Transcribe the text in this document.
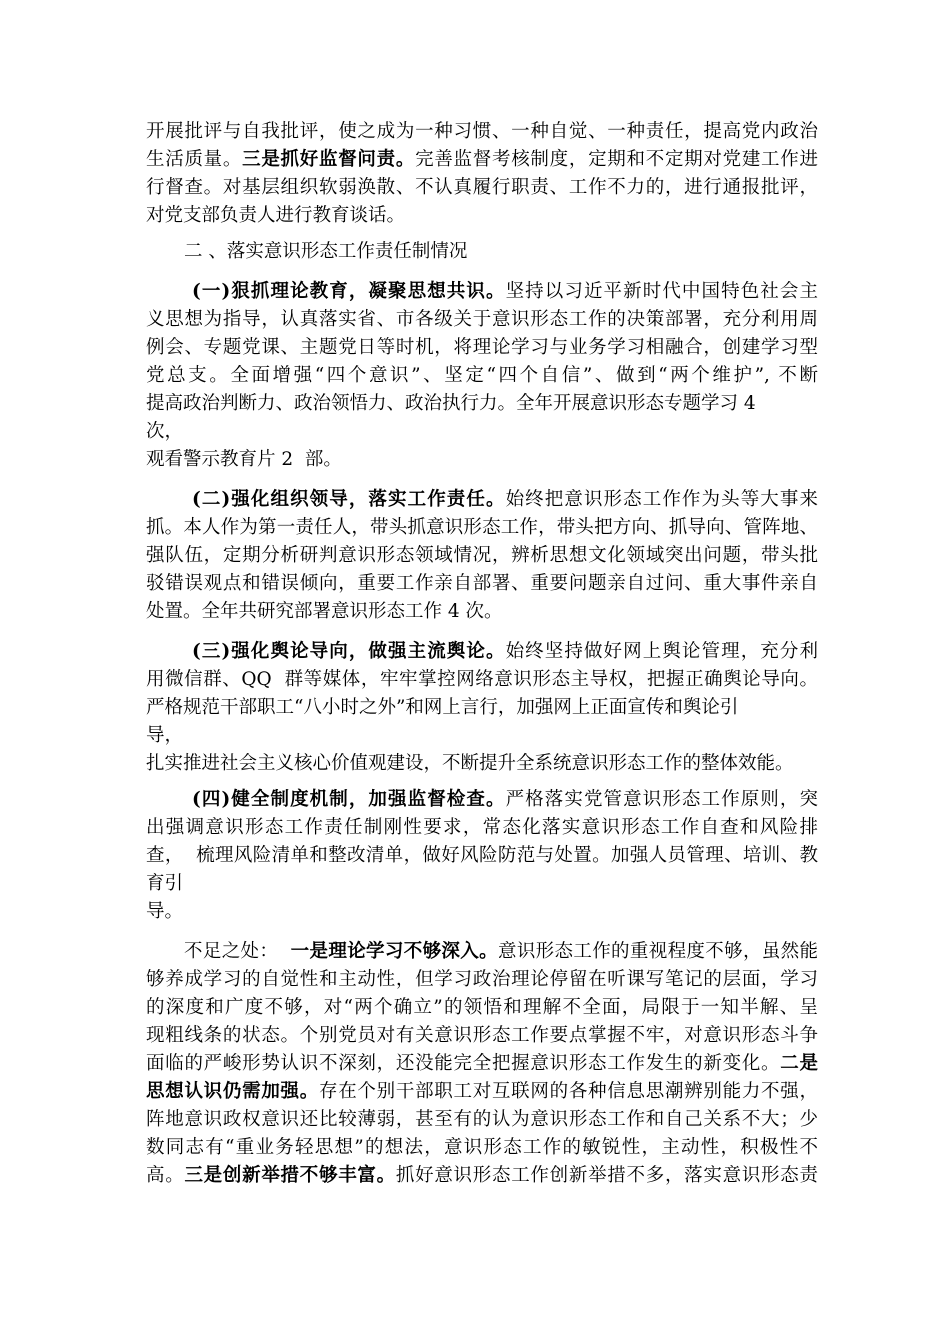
开展批评与自我批评，使之成为一种习惯、一种自觉、一种责任，提高党内政治
生活质量。三是抓好监督问责。完善监督考核制度，定期和不定期对党建工作进
行督查。对基层组织软弱涣散、不认真履行职责、工作不力的，进行通报批评，
对党支部负责人进行教育谈话。
二 、落实意识形态工作责任制情况
(一)狠抓理论教育，凝聚思想共识。坚持以习近平新时代中国特色社会主
义思想为指导，认真落实省、市各级关于意识形态工作的决策部署，充分利用周
例会、专题党课、主题党日等时机，将理论学习与业务学习相融合，创建学习型
党总支。全面增强“四个意识”、坚定“四个自信”、做到“两个维护”, 不断
提高政治判断力、政治领悟力、政治执行力。全年开展意识形态专题学习 4
次，
观看警示教育片 2  部。
(二)强化组织领导，落实工作责任。始终把意识形态工作作为头等大事来
抓。本人作为第一责任人，带头抓意识形态工作，带头把方向、抓导向、管阵地、
强队伍，定期分析研判意识形态领域情况，辨析思想文化领域突出问题，带头批
驳错误观点和错误倾向，重要工作亲自部署、重要问题亲自过问、重大事件亲自
处置。全年共研究部署意识形态工作 4 次。
(三)强化舆论导向，做强主流舆论。始终坚持做好网上舆论管理，充分利
用微信群、QQ  群等媒体，牢牢掌控网络意识形态主导权，把握正确舆论导向。
严格规范干部职工“八小时之外”和网上言行，加强网上正面宣传和舆论引
导，
扎实推进社会主义核心价值观建设，不断提升全系统意识形态工作的整体效能。
(四)健全制度机制，加强监督检查。严格落实党管意识形态工作原则，突
出强调意识形态工作责任制刚性要求，常态化落实意识形态工作自查和风险排
查，  梳理风险清单和整改清单，做好风险防范与处置。加强人员管理、培训、教
育引
导。
不足之处：  一是理论学习不够深入。意识形态工作的重视程度不够，虽然能
够养成学习的自觉性和主动性，但学习政治理论停留在听课写笔记的层面，学习
的深度和广度不够，对“两个确立”的领悟和理解不全面，局限于一知半解、呈
现粗线条的状态。个别党员对有关意识形态工作要点掌握不牢，对意识形态斗争
面临的严峻形势认识不深刻，还没能完全把握意识形态工作发生的新变化。二是
思想认识仍需加强。存在个别干部职工对互联网的各种信息思潮辨别能力不强，
阵地意识政权意识还比较薄弱，甚至有的认为意识形态工作和自己关系不大；少
数同志有“重业务轻思想”的想法，意识形态工作的敏锐性，主动性，积极性不
高。三是创新举措不够丰富。抓好意识形态工作创新举措不多，落实意识形态责
